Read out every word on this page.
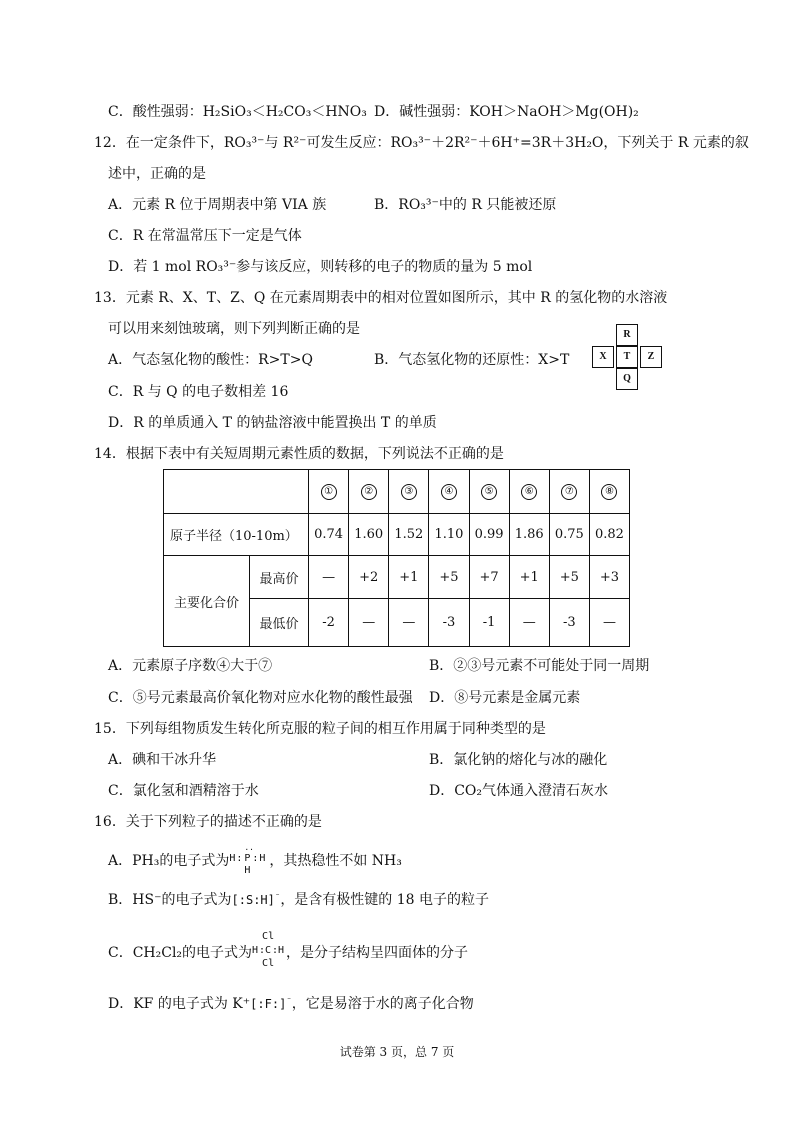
C．酸性强弱：H₂SiO₃＜H₂CO₃＜HNO₃ D．碱性强弱：KOH＞NaOH＞Mg(OH)₂
12．在一定条件下，RO₃³⁻与 R²⁻可发生反应：RO₃³⁻＋2R²⁻＋6H⁺=3R＋3H₂O，下列关于 R 元素的叙
述中，正确的是
A．元素 R 位于周期表中第 VIA 族	B．RO₃³⁻中的 R 只能被还原
C．R 在常温常压下一定是气体
D．若 1 mol RO₃³⁻参与该反应，则转移的电子的物质的量为 5 mol
13．元素 R、X、T、Z、Q 在元素周期表中的相对位置如图所示，其中 R 的氢化物的水溶液
可以用来刻蚀玻璃，则下列判断正确的是
A．气态氢化物的酸性：R>T>Q	B．气态氢化物的还原性：X>T
C．R 与 Q 的电子数相差 16
D．R 的单质通入 T 的钠盐溶液中能置换出 T 的单质
R
X	T	Z
Q
14．根据下表中有关短周期元素性质的数据，下列说法不正确的是
		①	②	③	④	⑤	⑥	⑦	⑧
原子半径（10-10m）		0.74	1.60	1.52	1.10	0.99	1.86	0.75	0.82
主要化合价	最高价	—	+2	+1	+5	+7	+1	+5	+3
	最低价	-2	—	—	-3	-1	—	-3	—
A．元素原子序数④大于⑦	B．②③号元素不可能处于同一周期
C．⑤号元素最高价氧化物对应水化物的酸性最强 D．⑧号元素是金属元素
15．下列每组物质发生转化所克服的粒子间的相互作用属于同种类型的是
A．碘和干冰升华	B．氯化钠的熔化与冰的融化
C．氯化氢和酒精溶于水	D．CO₂气体通入澄清石灰水
16．关于下列粒子的描述不正确的是
A．PH₃的电子式为 H : P
··
: H
H
，其热稳性不如 NH₃
B．HS⁻的电子式为[:S:H]⁻，是含有极性键的 18 电子的粒子
C．CH₂Cl₂的电子式为
Cl
H : C : H
Cl
，是分子结构呈四面体的分子
D．KF 的电子式为 K⁺[:F:]⁻，它是易溶于水的离子化合物
试卷第 3 页，总 7 页
